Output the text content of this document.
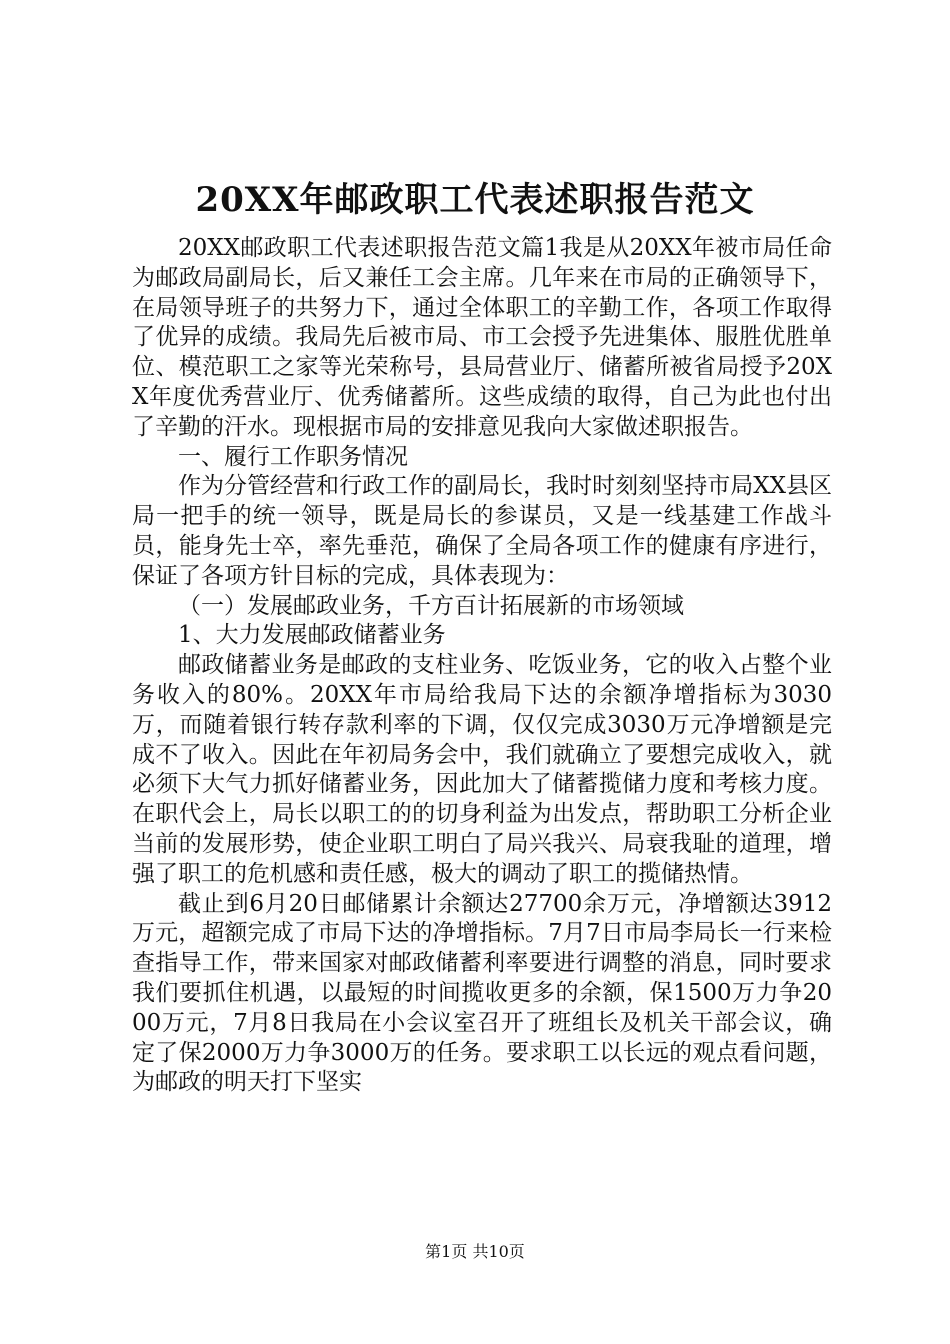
20XX年邮政职工代表述职报告范文

20XX邮政职工代表述职报告范文篇1我是从20XX年被市局任命为邮政局副局长，后又兼任工会主席。几年来在市局的正确领导下，在局领导班子的共努力下，通过全体职工的辛勤工作，各项工作取得了优异的成绩。我局先后被市局、市工会授予先进集体、服胜优胜单位、模范职工之家等光荣称号，县局营业厅、储蓄所被省局授予20XX年度优秀营业厅、优秀储蓄所。这些成绩的取得，自己为此也付出了辛勤的汗水。现根据市局的安排意见我向大家做述职报告。

一、履行工作职务情况

作为分管经营和行政工作的副局长，我时时刻刻坚持市局XX县区局一把手的统一领导，既是局长的参谋员，又是一线基建工作战斗员，能身先士卒，率先垂范，确保了全局各项工作的健康有序进行，保证了各项方针目标的完成，具体表现为：

（一）发展邮政业务，千方百计拓展新的市场领域

1、大力发展邮政储蓄业务

邮政储蓄业务是邮政的支柱业务、吃饭业务，它的收入占整个业务收入的80%。20XX年市局给我局下达的余额净增指标为3030万，而随着银行转存款利率的下调，仅仅完成3030万元净增额是完成不了收入。因此在年初局务会中，我们就确立了要想完成收入，就必须下大气力抓好储蓄业务，因此加大了储蓄揽储力度和考核力度。在职代会上，局长以职工的的切身利益为出发点，帮助职工分析企业当前的发展形势，使企业职工明白了局兴我兴、局衰我耻的道理，增强了职工的危机感和责任感，极大的调动了职工的揽储热情。

截止到6月20日邮储累计余额达27700余万元，净增额达3912万元，超额完成了市局下达的净增指标。7月7日市局李局长一行来检查指导工作，带来国家对邮政储蓄利率要进行调整的消息，同时要求我们要抓住机遇，以最短的时间揽收更多的余额，保1500万力争2000万元，7月8日我局在小会议室召开了班组长及机关干部会议，确定了保2000万力争3000万的任务。要求职工以长远的观点看问题，为邮政的明天打下坚实

第1页 共10页
